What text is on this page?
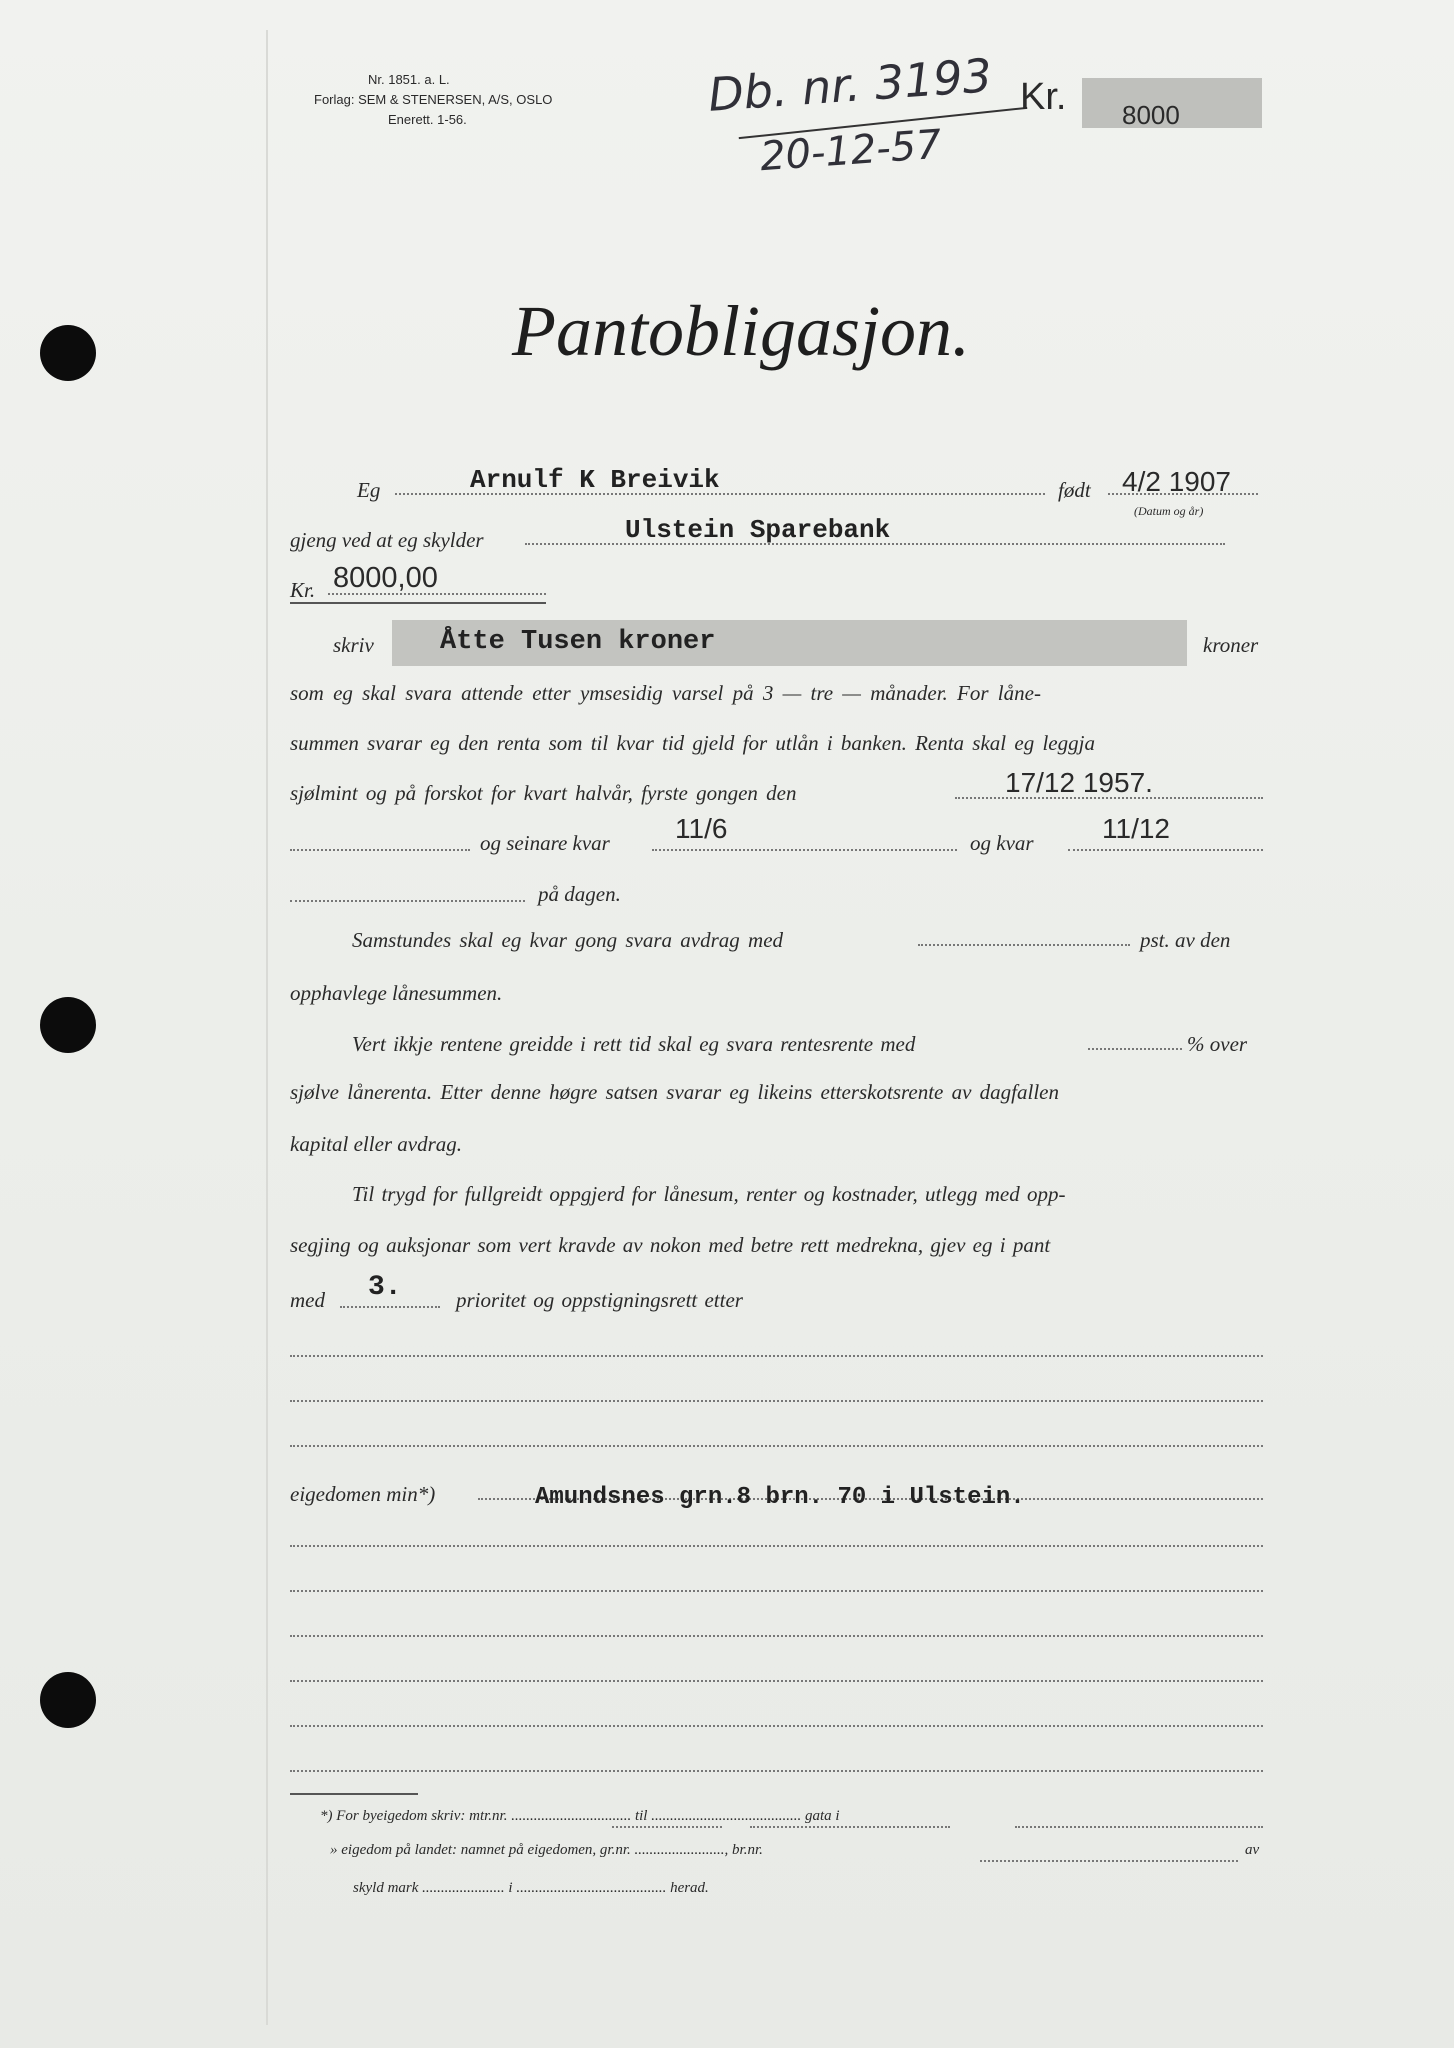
Nr. 1851. a. L.
Forlag: SEM & STENERSEN, A/S, OSLO
Enerett. 1-56.	Db. nr. 3193
20-12-57
Kr. 8000
Pantobligasjon.
Eg	Arnulf K Breivik	født 4/2 1907
(Datum og år)
gjeng ved at eg skylder	Ulstein Sparebank
Kr. 8000,00
skriv Åtte Tusen kroner	kroner
som eg skal svara attende etter ymsesidig varsel på 3 — tre — månader. For låne-
summen svarar eg den renta som til kvar tid gjeld for utlån i banken. Renta skal eg leggja
sjølmint og på forskot for kvart halvår, fyrste gongen den	17/12 1957.
og seinare kvar 11/6	og kvar 11/12
på dagen.
Samstundes skal eg kvar gong svara avdrag med	pst. av den
opphavlege lånesummen.
Vert ikkje rentene greidde i rett tid skal eg svara rentesrente med	% over
sjølve lånerenta. Etter denne høgre satsen svarar eg likeins etterskotsrente av dagfallen
kapital eller avdrag.
Til trygd for fullgreidt oppgjerd for lånesum, renter og kostnader, utlegg med opp-
segjing og auksjonar som vert kravde av nokon med betre rett medrekna, gjev eg i pant
med 3.	prioritet og oppstigningsrett etter
eigedomen min*)	Amundsnes grn.8 brn. 70 i Ulstein.
*) For byeigedom skriv: mtr.nr. ................................ til ........................................ gata i
» eigedom på landet: namnet på eigedomen, gr.nr. ........................, br.nr.	av
skyld mark ...................... i ........................................ herad.
